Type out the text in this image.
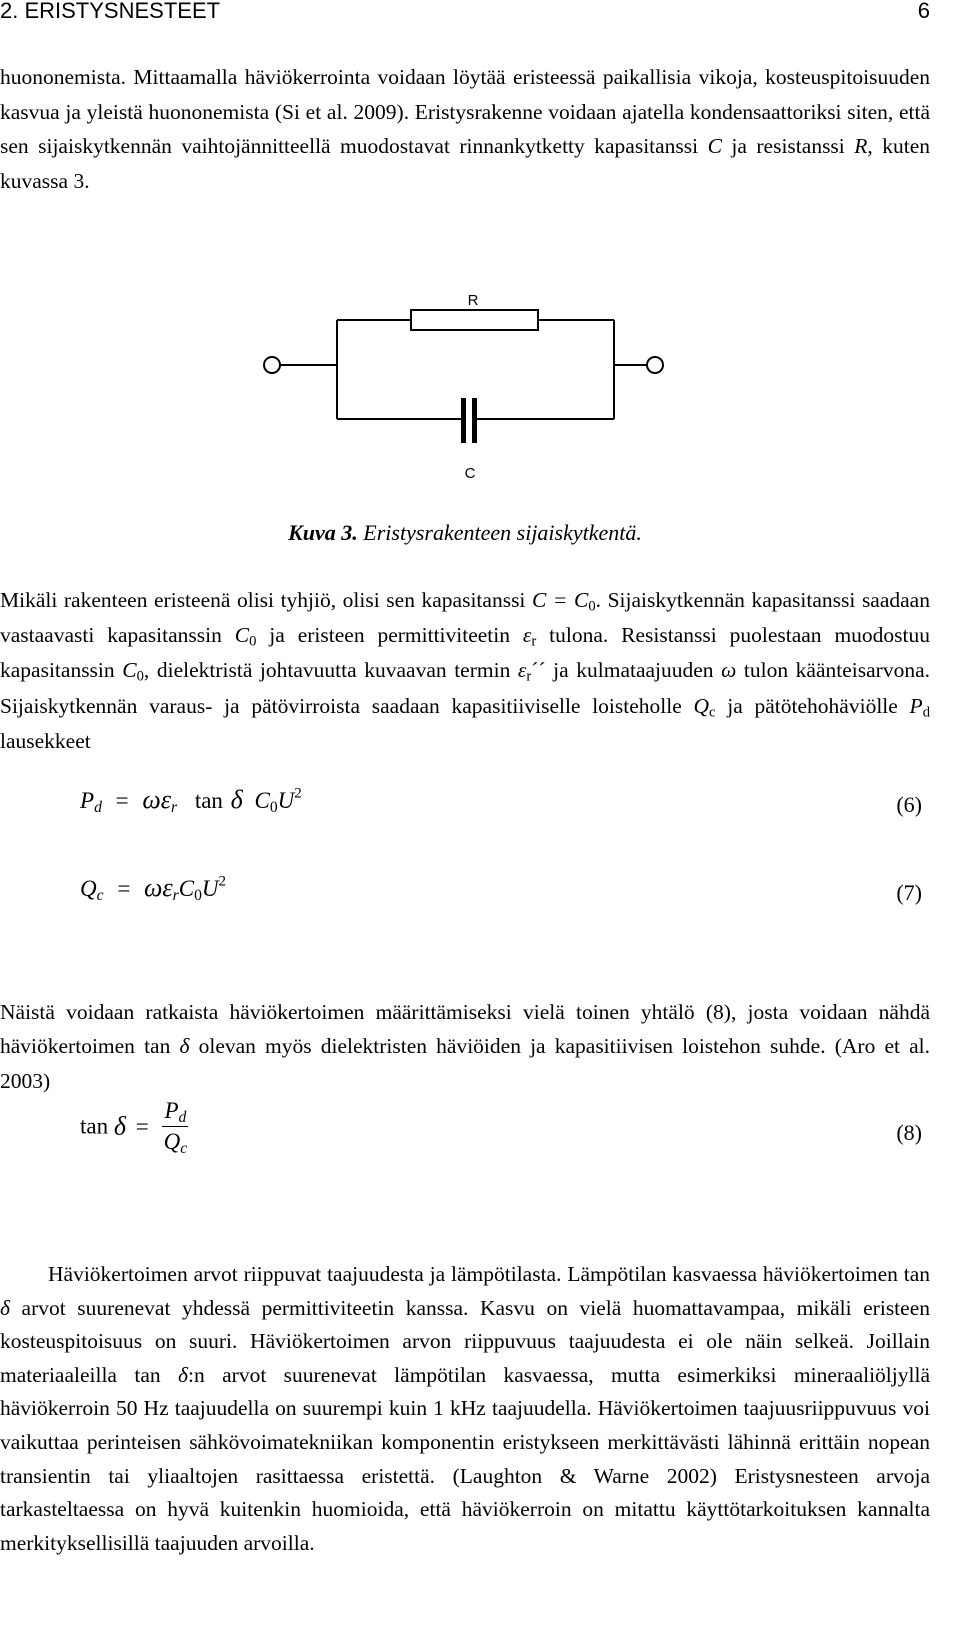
2. ERISTYSNESTEET	6

huononemista. Mittaamalla häviökerrointa voidaan löytää eristeessä paikallisia vikoja, kosteuspitoisuuden kasvua ja yleistä huononemista (Si et al. 2009). Eristysrakenne voidaan ajatella kondensaattoriksi siten, että sen sijaiskytkennän vaihtojännitteellä muodostavat rinnankytketty kapasitanssi C ja resistanssi R, kuten kuvassa 3.

R
C
Kuva 3. Eristysrakenteen sijaiskytkentä.

Mikäli rakenteen eristeenä olisi tyhjiö, olisi sen kapasitanssi $C = C_0$. Sijaiskytkennän kapasitanssi saadaan vastaavasti kapasitanssin $C_0$ ja eristeen permittiviteetin $\varepsilon_r$ tulona. Resistanssi puolestaan muodostuu kapasitanssin $C_0$, dielektristä johtavuutta kuvaavan termin $\varepsilon_r´´$ ja kulmataajuuden ω tulon käänteisarvona. Sijaiskytkennän varaus- ja pätövirroista saadaan kapasitiiviselle loisteholle $Q_c$ ja pätötehohäviölle $P_d$ lausekkeet

$P_d = \omega\varepsilon_r$ tan δ $C_0U^2$	(6)
$Q_c = \omega\varepsilon_rC_0U^2$	(7)

Näistä voidaan ratkaista häviökertoimen määrittämiseksi vielä toinen yhtälö (8), josta voidaan nähdä häviökertoimen tan δ olevan myös dielektristen häviöiden ja kapasitiivisen loistehon suhde. (Aro et al. 2003)

$\tan \delta = \frac{P_d}{Q_c}$	(8)

Häviökertoimen arvot riippuvat taajuudesta ja lämpötilasta. Lämpötilan kasvaessa häviökertoimen tan δ arvot suurenevat yhdessä permittiviteetin kanssa. Kasvu on vielä huomattavampaa, mikäli eristeen kosteuspitoisuus on suuri. Häviökertoimen arvon riippuvuus taajuudesta ei ole näin selkeä. Joillain materiaaleilla tan δ:n arvot suurenevat lämpötilan kasvaessa, mutta esimerkiksi mineraaliöljyllä häviökerroin 50 Hz taajuudella on suurempi kuin 1 kHz taajuudella. Häviökertoimen taajuusriippuvuus voi vaikuttaa perinteisen sähkövoimatekniikan komponentin eristykseen merkittävästi lähinnä erittäin nopean transientin tai yliaaltojen rasittaessa eristettä. (Laughton & Warne 2002) Eristysnesteen arvoja tarkasteltaessa on hyvä kuitenkin huomioida, että häviökerroin on mitattu käyttötarkoituksen kannalta merkityksellisillä taajuuden arvoilla.
